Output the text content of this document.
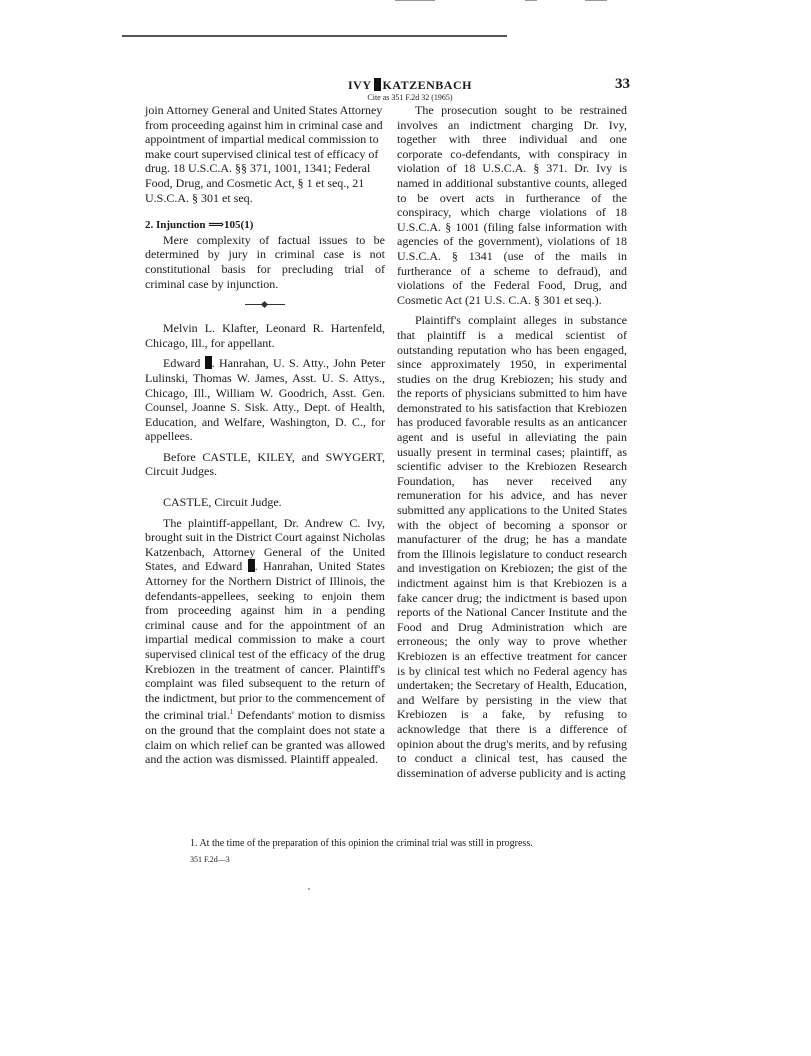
IVY KATZENBACH
Cite as 351 F.2d 32 (1965)
33

join Attorney General and United States Attorney from proceeding against him in criminal case and appointment of impartial medical commission to make court supervised clinical test of efficacy of drug. 18 U.S.C.A. §§ 371, 1001, 1341; Federal Food, Drug, and Cosmetic Act, § 1 et seq., 21 U.S.C.A. § 301 et seq.

2. Injunction ⟹105(1)

Mere complexity of factual issues to be determined by jury in criminal case is not constitutional basis for precluding trial of criminal case by injunction.

Melvin L. Klafter, Leonard R. Hartenfeld, Chicago, Ill., for appellant.

Edward . Hanrahan, U. S. Atty., John Peter Lulinski, Thomas W. James, Asst. U. S. Attys., Chicago, Ill., William W. Goodrich, Asst. Gen. Counsel, Joanne S. Sisk. Atty., Dept. of Health, Education, and Welfare, Washington, D. C., for appellees.

Before CASTLE, KILEY, and SWYGERT, Circuit Judges.

CASTLE, Circuit Judge.

The plaintiff-appellant, Dr. Andrew C. Ivy, brought suit in the District Court against Nicholas Katzenbach, Attorney General of the United States, and Edward . Hanrahan, United States Attorney for the Northern District of Illinois, the defendants-appellees, seeking to enjoin them from proceeding against him in a pending criminal cause and for the appointment of an impartial medical commission to make a court supervised clinical test of the efficacy of the drug Krebiozen in the treatment of cancer. Plaintiff's complaint was filed subsequent to the return of the indictment, but prior to the commencement of the criminal trial.$^1$ Defendants' motion to dismiss on the ground that the complaint does not state a claim on which relief can be granted was allowed and the action was dismissed. Plaintiff appealed.

The prosecution sought to be restrained involves an indictment charging Dr. Ivy, together with three individual and one corporate co-defendants, with conspiracy in violation of 18 U.S.C.A. § 371. Dr. Ivy is named in additional substantive counts, alleged to be overt acts in furtherance of the conspiracy, which charge violations of 18 U.S.C.A. § 1001 (filing false information with agencies of the government), violations of 18 U.S.C.A. § 1341 (use of the mails in furtherance of a scheme to defraud), and violations of the Federal Food, Drug, and Cosmetic Act (21 U.S. C.A. § 301 et seq.).

Plaintiff's complaint alleges in substance that plaintiff is a medical scientist of outstanding reputation who has been engaged, since approximately 1950, in experimental studies on the drug Krebiozen; his study and the reports of physicians submitted to him have demonstrated to his satisfaction that Krebiozen has produced favorable results as an anticancer agent and is useful in alleviating the pain usually present in terminal cases; plaintiff, as scientific adviser to the Krebiozen Research Foundation, has never received any remuneration for his advice, and has never submitted any applications to the United States with the object of becoming a sponsor or manufacturer of the drug; he has a mandate from the Illinois legislature to conduct research and investigation on Krebiozen; the gist of the indictment against him is that Krebiozen is a fake cancer drug; the indictment is based upon reports of the National Cancer Institute and the Food and Drug Administration which are erroneous; the only way to prove whether Krebiozen is an effective treatment for cancer is by clinical test which no Federal agency has undertaken; the Secretary of Health, Education, and Welfare by persisting in the view that Krebiozen is a fake, by refusing to acknowledge that there is a difference of opinion about the drug's merits, and by refusing to conduct a clinical test, has caused the dissemination of adverse publicity and is acting

1. At the time of the preparation of this opinion the criminal trial was still in progress.
351 F.2d—3
